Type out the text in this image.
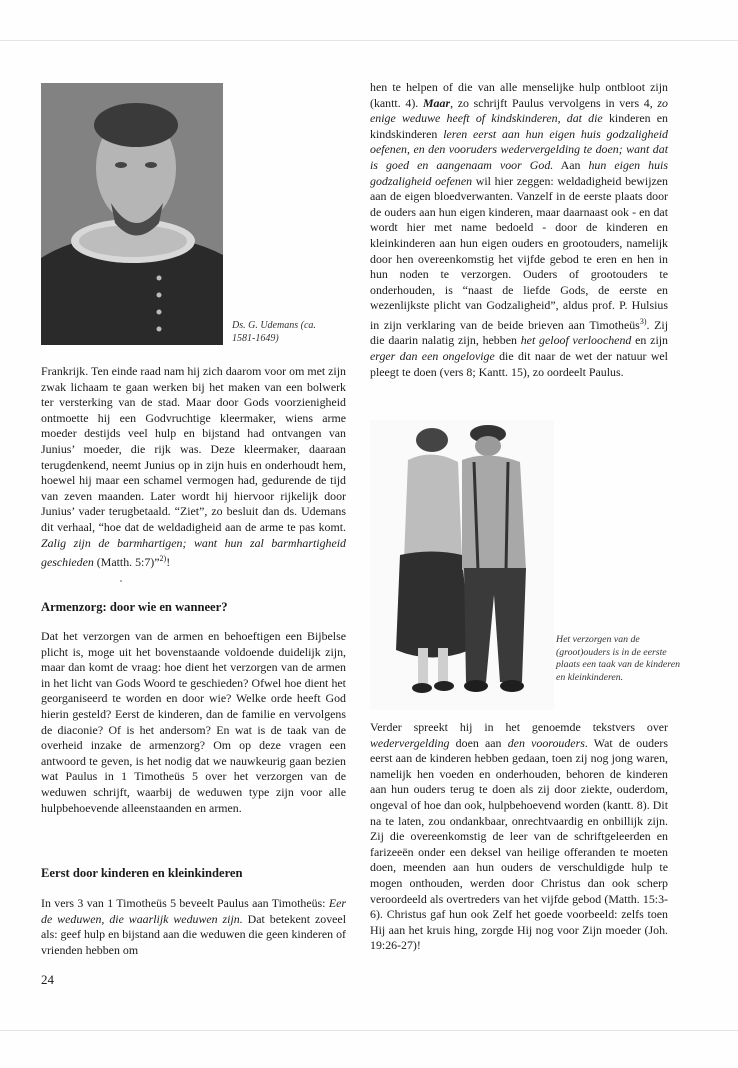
Ds. G. Udemans (ca.
1581-1649)

Frankrijk. Ten einde raad nam hij zich daarom voor om met zijn zwak lichaam te gaan werken bij het maken van een bolwerk ter versterking van de stad. Maar door Gods voorzienigheid ontmoette hij een Godvruchtige kleermaker, wiens arme moeder destijds veel hulp en bijstand had ontvangen van Junius’ moeder, die rijk was. Deze kleermaker, daaraan terugdenkend, neemt Junius op in zijn huis en onderhoudt hem, hoewel hij maar een schamel vermogen had, gedurende de tijd van zeven maanden. Later wordt hij hiervoor rijkelijk door Junius’ vader terugbetaald. “Ziet”, zo besluit dan ds. Udemans dit verhaal, “hoe dat de weldadigheid aan de arme te pas komt. Zalig zijn de barmhartigen; want hun zal barmhartigheid geschieden (Matth. 5:7)”$^{2)}$!

Armenzorg: door wie en wanneer?

Dat het verzorgen van de armen en behoeftigen een Bijbelse plicht is, moge uit het bovenstaande voldoende duidelijk zijn, maar dan komt de vraag: hoe dient het verzorgen van de armen in het licht van Gods Woord te geschieden? Ofwel hoe dient het georganiseerd te worden en door wie? Welke orde heeft God hierin gesteld? Eerst de kinderen, dan de familie en vervolgens de diaconie? Of is het andersom? En wat is de taak van de overheid inzake de armenzorg? Om op deze vragen een antwoord te geven, is het nodig dat we nauwkeurig gaan bezien wat Paulus in 1 Timotheüs 5 over het verzorgen van de weduwen schrijft, waarbij de weduwen type zijn voor alle hulpbehoevende alleenstaanden en armen.

Eerst door kinderen en kleinkinderen

In vers 3 van 1 Timotheüs 5 beveelt Paulus aan Timotheüs: Eer de weduwen, die waarlijk weduwen zijn. Dat betekent zoveel als: geef hulp en bijstand aan die weduwen die geen kinderen of vrienden hebben om

24

hen te helpen of die van alle menselijke hulp ontbloot zijn (kantt. 4). Maar, zo schrijft Paulus vervolgens in vers 4, zo enige weduwe heeft of kindskinderen, dat die kinderen en kindskinderen leren eerst aan hun eigen huis godzaligheid oefenen, en den vooruders wedervergelding te doen; want dat is goed en aangenaam voor God. Aan hun eigen huis godzaligheid oefenen wil hier zeggen: weldadigheid bewijzen aan de eigen bloedverwanten. Vanzelf in de eerste plaats door de ouders aan hun eigen kinderen, maar daarnaast ook - en dat wordt hier met name bedoeld - door de kinderen en kleinkinderen aan hun eigen ouders en grootouders, namelijk door hen overeenkomstig het vijfde gebod te eren en hen in hun noden te verzorgen. Ouders of grootouders te onderhouden, is “naast de liefde Gods, de eerste en wezenlijkste plicht van Godzaligheid”, aldus prof. P. Hulsius in zijn verklaring van de beide brieven aan Timotheüs$^{3)}$. Zij die daarin nalatig zijn, hebben het geloof verloochend en zijn erger dan een ongelovige die dit naar de wet der natuur wel pleegt te doen (vers 8; Kantt. 15), zo oordeelt Paulus.

Het verzorgen van de (groot)ouders is in de eerste plaats een taak van de kinderen en kleinkinderen.

Verder spreekt hij in het genoemde tekstvers over wedervergelding doen aan den voorouders. Wat de ouders eerst aan de kinderen hebben gedaan, toen zij nog jong waren, namelijk hen voeden en onderhouden, behoren de kinderen aan hun ouders terug te doen als zij door ziekte, ouderdom, ongeval of hoe dan ook, hulpbehoevend worden (kantt. 8). Dit na te laten, zou ondankbaar, onrechtvaardig en onbillijk zijn. Zij die overeenkomstig de leer van de schriftgeleerden en farizeeën onder een deksel van heilige offeranden te moeten doen, meenden aan hun ouders de verschuldigde hulp te mogen onthouden, werden door Christus dan ook scherp veroordeeld als overtreders van het vijfde gebod (Matth. 15:3-6). Christus gaf hun ook Zelf het goede voorbeeld: zelfs toen Hij aan het kruis hing, zorgde Hij nog voor Zijn moeder (Joh. 19:26-27)!
